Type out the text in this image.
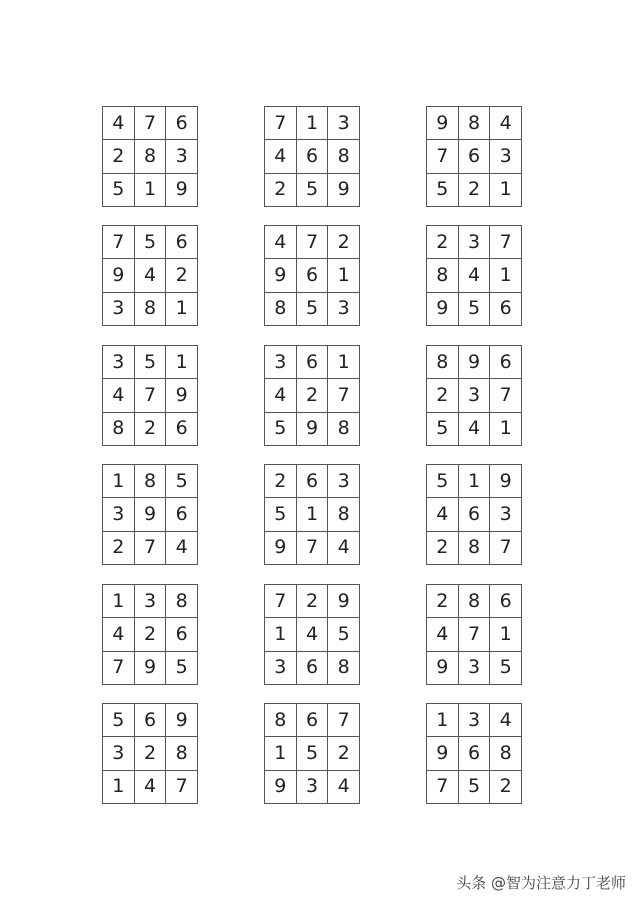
4	7	6
2	8	3
5	1	9
7	1	3
4	6	8
2	5	9
9	8	4
7	6	3
5	2	1
7	5	6
9	4	2
3	8	1
4	7	2
9	6	1
8	5	3
2	3	7
8	4	1
9	5	6
3	5	1
4	7	9
8	2	6
3	6	1
4	2	7
5	9	8
8	9	6
2	3	7
5	4	1
1	8	5
3	9	6
2	7	4
2	6	3
5	1	8
9	7	4
5	1	9
4	6	3
2	8	7
1	3	8
4	2	6
7	9	5
7	2	9
1	4	5
3	6	8
2	8	6
4	7	1
9	3	5
5	6	9
3	2	8
1	4	7
8	6	7
1	5	2
9	3	4
1	3	4
9	6	8
7	5	2
头条 @智为注意力丁老师
